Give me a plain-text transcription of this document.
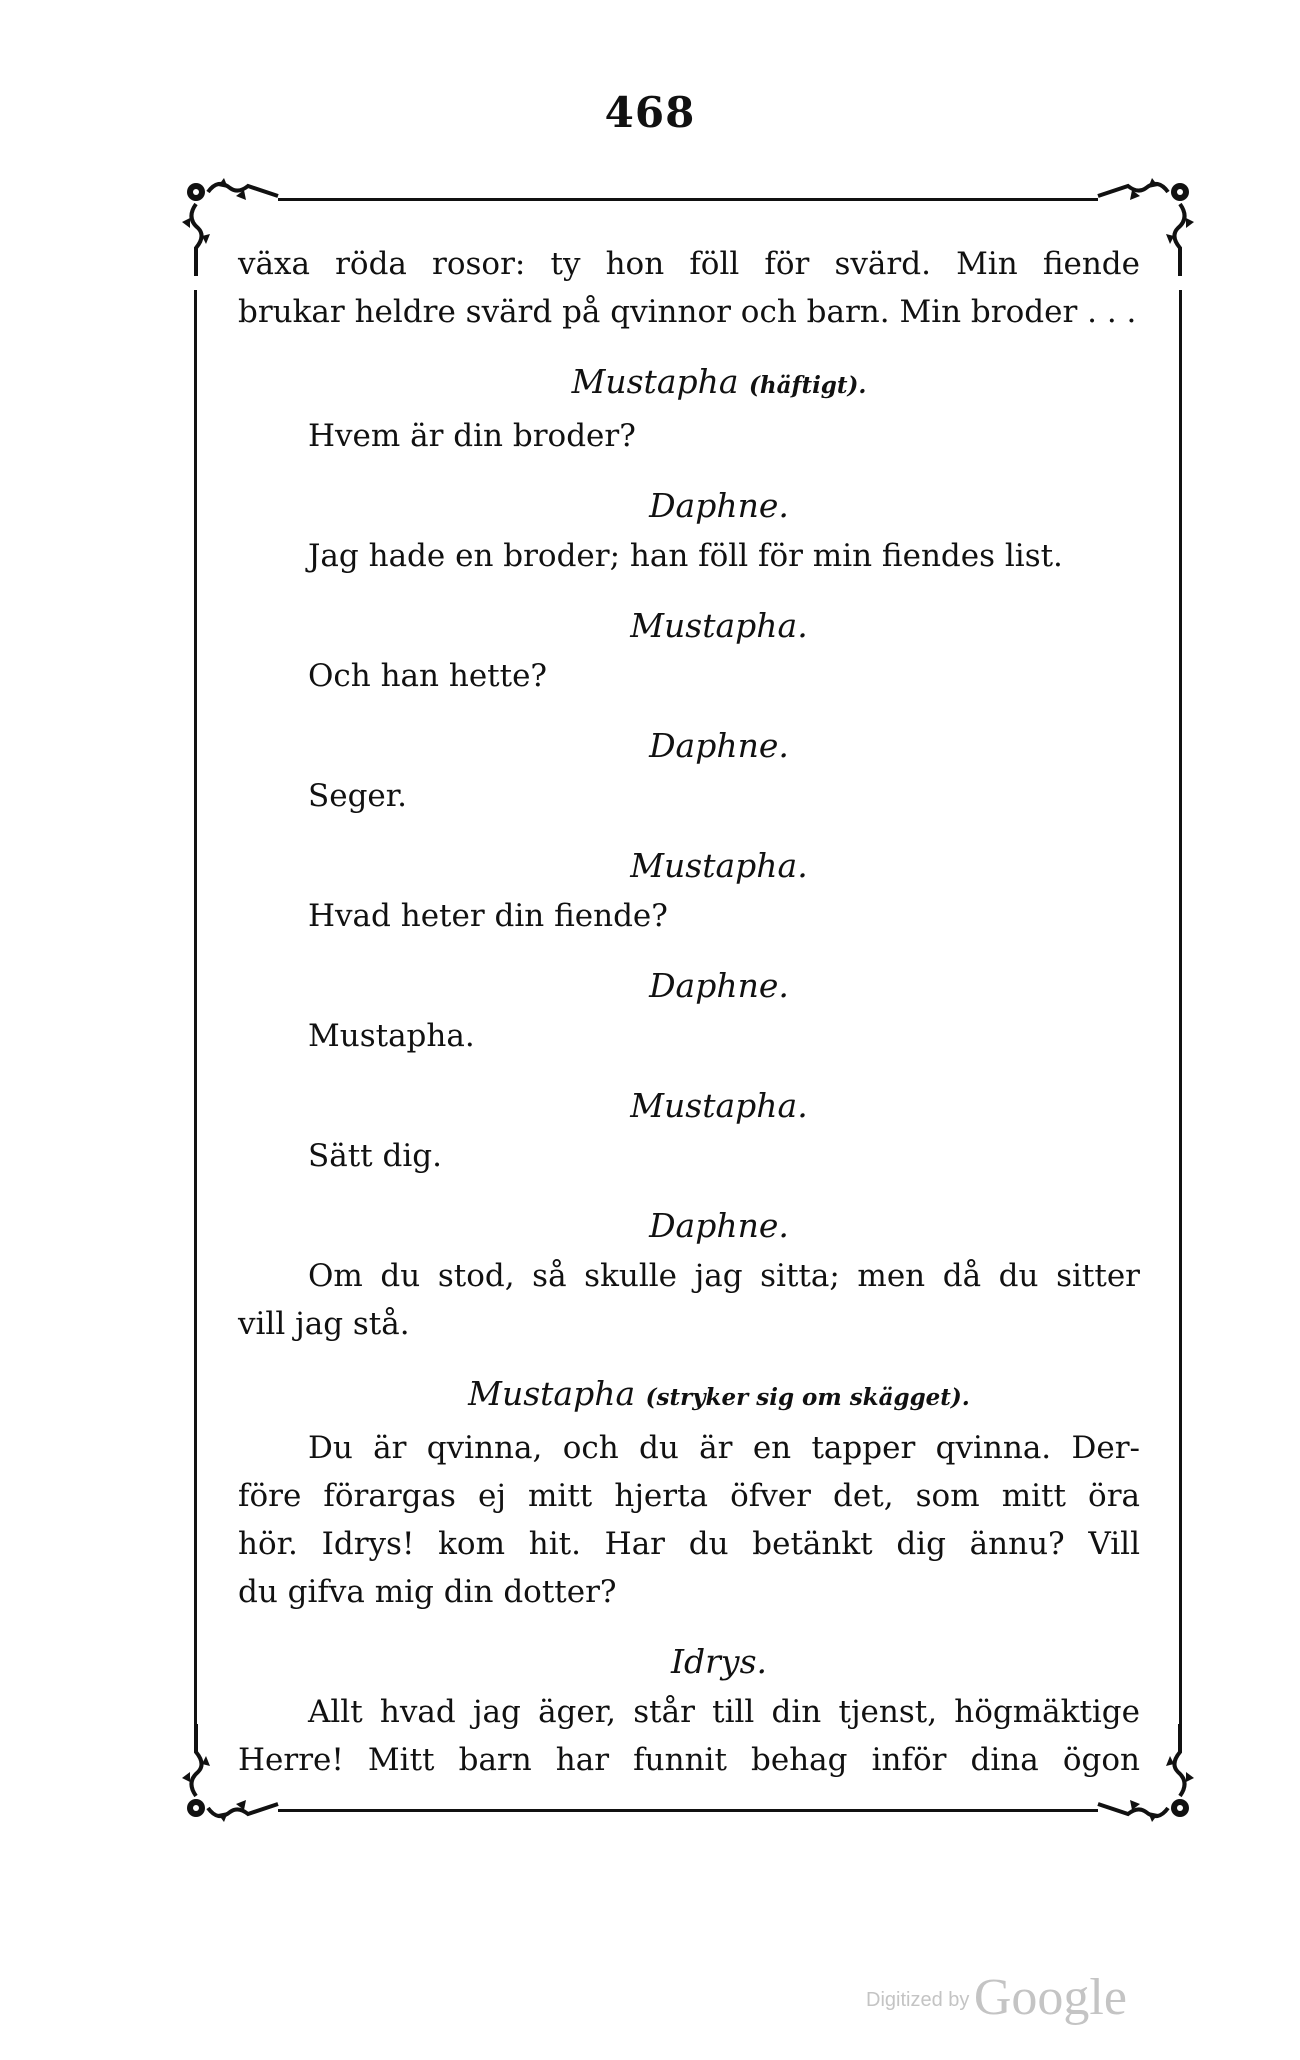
468

växa röda rosor: ty hon föll för svärd. Min fiende

brukar heldre svärd på qvinnor och barn. Min broder . . .

Mustapha (häftigt).

Hvem är din broder?

Daphne.

Jag hade en broder; han föll för min fiendes list.

Mustapha.

Och han hette?

Daphne.

Seger.

Mustapha.

Hvad heter din fiende?

Daphne.

Mustapha.

Mustapha.

Sätt dig.

Daphne.

Om du stod, så skulle jag sitta; men då du sitter

vill jag stå.

Mustapha (stryker sig om skägget).

Du är qvinna, och du är en tapper qvinna. Der-

före förargas ej mitt hjerta öfver det, som mitt öra

hör. Idrys! kom hit. Har du betänkt dig ännu? Vill

du gifva mig din dotter?

Idrys.

Allt hvad jag äger, står till din tjenst, högmäktige

Herre! Mitt barn har funnit behag inför dina ögon

Digitized by Google
